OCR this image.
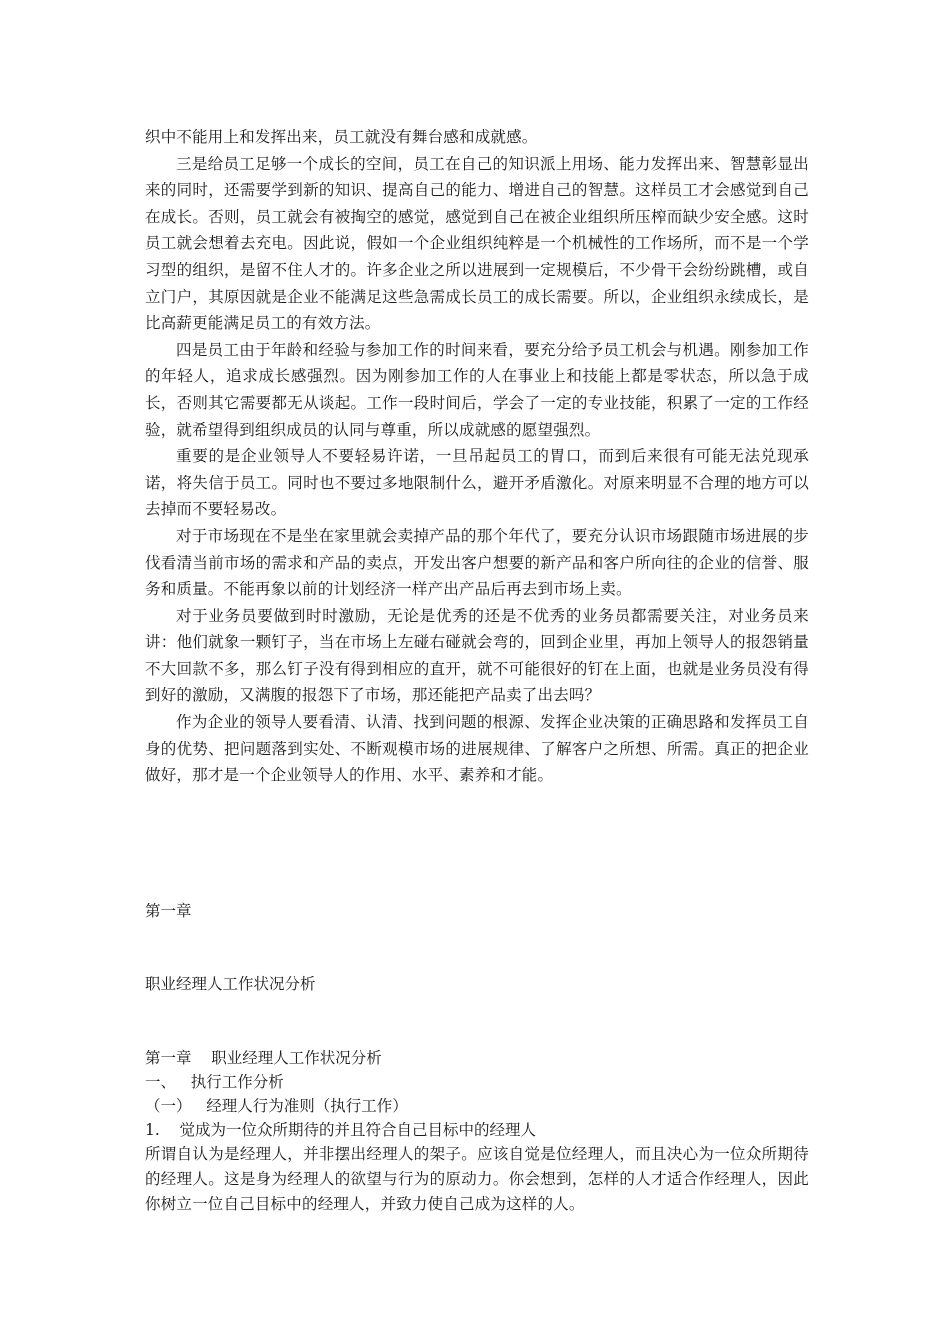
织中不能用上和发挥出来，员工就没有舞台感和成就感。

三是给员工足够一个成长的空间，员工在自己的知识派上用场、能力发挥出来、智慧彰显出来的同时，还需要学到新的知识、提高自己的能力、增进自己的智慧。这样员工才会感觉到自己在成长。否则，员工就会有被掏空的感觉，感觉到自己在被企业组织所压榨而缺少安全感。这时员工就会想着去充电。因此说，假如一个企业组织纯粹是一个机械性的工作场所，而不是一个学习型的组织，是留不住人才的。许多企业之所以进展到一定规模后，不少骨干会纷纷跳槽，或自立门户，其原因就是企业不能满足这些急需成长员工的成长需要。所以，企业组织永续成长，是比高薪更能满足员工的有效方法。

四是员工由于年龄和经验与参加工作的时间来看，要充分给予员工机会与机遇。刚参加工作的年轻人，追求成长感强烈。因为刚参加工作的人在事业上和技能上都是零状态，所以急于成长，否则其它需要都无从谈起。工作一段时间后，学会了一定的专业技能，积累了一定的工作经验，就希望得到组织成员的认同与尊重，所以成就感的愿望强烈。

重要的是企业领导人不要轻易许诺，一旦吊起员工的胃口，而到后来很有可能无法兑现承诺，将失信于员工。同时也不要过多地限制什么，避开矛盾激化。对原来明显不合理的地方可以去掉而不要轻易改。

对于市场现在不是坐在家里就会卖掉产品的那个年代了，要充分认识市场跟随市场进展的步伐看清当前市场的需求和产品的卖点，开发出客户想要的新产品和客户所向往的企业的信誉、服务和质量。不能再象以前的计划经济一样产出产品后再去到市场上卖。

对于业务员要做到时时激励，无论是优秀的还是不优秀的业务员都需要关注，对业务员来讲：他们就象一颗钉子，当在市场上左碰右碰就会弯的，回到企业里，再加上领导人的报怨销量不大回款不多，那么钉子没有得到相应的直开，就不可能很好的钉在上面，也就是业务员没有得到好的激励，又满腹的报怨下了市场，那还能把产品卖了出去吗？

作为企业的领导人要看清、认清、找到问题的根源、发挥企业决策的正确思路和发挥员工自身的优势、把问题落到实处、不断观模市场的进展规律、了解客户之所想、所需。真正的把企业做好，那才是一个企业领导人的作用、水平、素养和才能。

第一章

职业经理人工作状况分析

第一章    职业经理人工作状况分析

一、   执行工作分析

（一）   经理人行为准则（执行工作）

1.    觉成为一位众所期待的并且符合自己目标中的经理人

所谓自认为是经理人，并非摆出经理人的架子。应该自觉是位经理人，而且决心为一位众所期待的经理人。这是身为经理人的欲望与行为的原动力。你会想到，怎样的人才适合作经理人，因此你树立一位自己目标中的经理人，并致力使自己成为这样的人。
